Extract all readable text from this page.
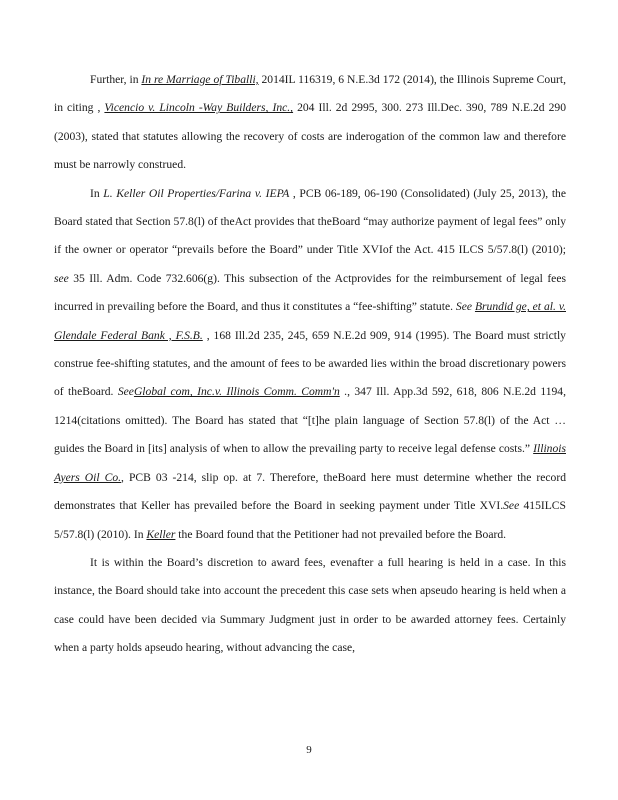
Further, in In re Marriage of Tiballi, 2014IL 116319, 6 N.E.3d 172 (2014), the Illinois Supreme Court, in citing , Vicencio v. Lincoln -Way Builders, Inc., 204 Ill. 2d 2995, 300. 273 Ill.Dec. 390, 789 N.E.2d 290 (2003), stated that statutes allowing the recovery of costs are inderogation of the common law and therefore must be narrowly construed.

In L. Keller Oil Properties/Farina v. IEPA , PCB 06-189, 06-190 (Consolidated) (July 25, 2013), the Board stated that Section 57.8(l) of theAct provides that theBoard “may authorize payment of legal fees” only if the owner or operator “prevails before the Board” under Title XVIof the Act. 415 ILCS 5/57.8(l) (2010); see 35 Ill. Adm. Code 732.606(g). This subsection of the Actprovides for the reimbursement of legal fees incurred in prevailing before the Board, and thus it constitutes a “fee-shifting” statute. See Brundid ge, et al. v. Glendale Federal Bank , F.S.B. , 168 Ill.2d 235, 245, 659 N.E.2d 909, 914 (1995). The Board must strictly construe fee-shifting statutes, and the amount of fees to be awarded lies within the broad discretionary powers of theBoard. SeeGlobal com, Inc.v. Illinois Comm. Comm'n ., 347 Ill. App.3d 592, 618, 806 N.E.2d 1194, 1214(citations omitted). The Board has stated that “[t]he plain language of Section 57.8(l) of the Act … guides the Board in [its] analysis of when to allow the prevailing party to receive legal defense costs.” Illinois Ayers Oil Co., PCB 03 -214, slip op. at 7. Therefore, theBoard here must determine whether the record demonstrates that Keller has prevailed before the Board in seeking payment under Title XVI.See 415ILCS 5/57.8(l) (2010). In Keller the Board found that the Petitioner had not prevailed before the Board.

It is within the Board’s discretion to award fees, evenafter a full hearing is held in a case. In this instance, the Board should take into account the precedent this case sets when apseudo hearing is held when a case could have been decided via Summary Judgment just in order to be awarded attorney fees. Certainly when a party holds apseudo hearing, without advancing the case,

9
